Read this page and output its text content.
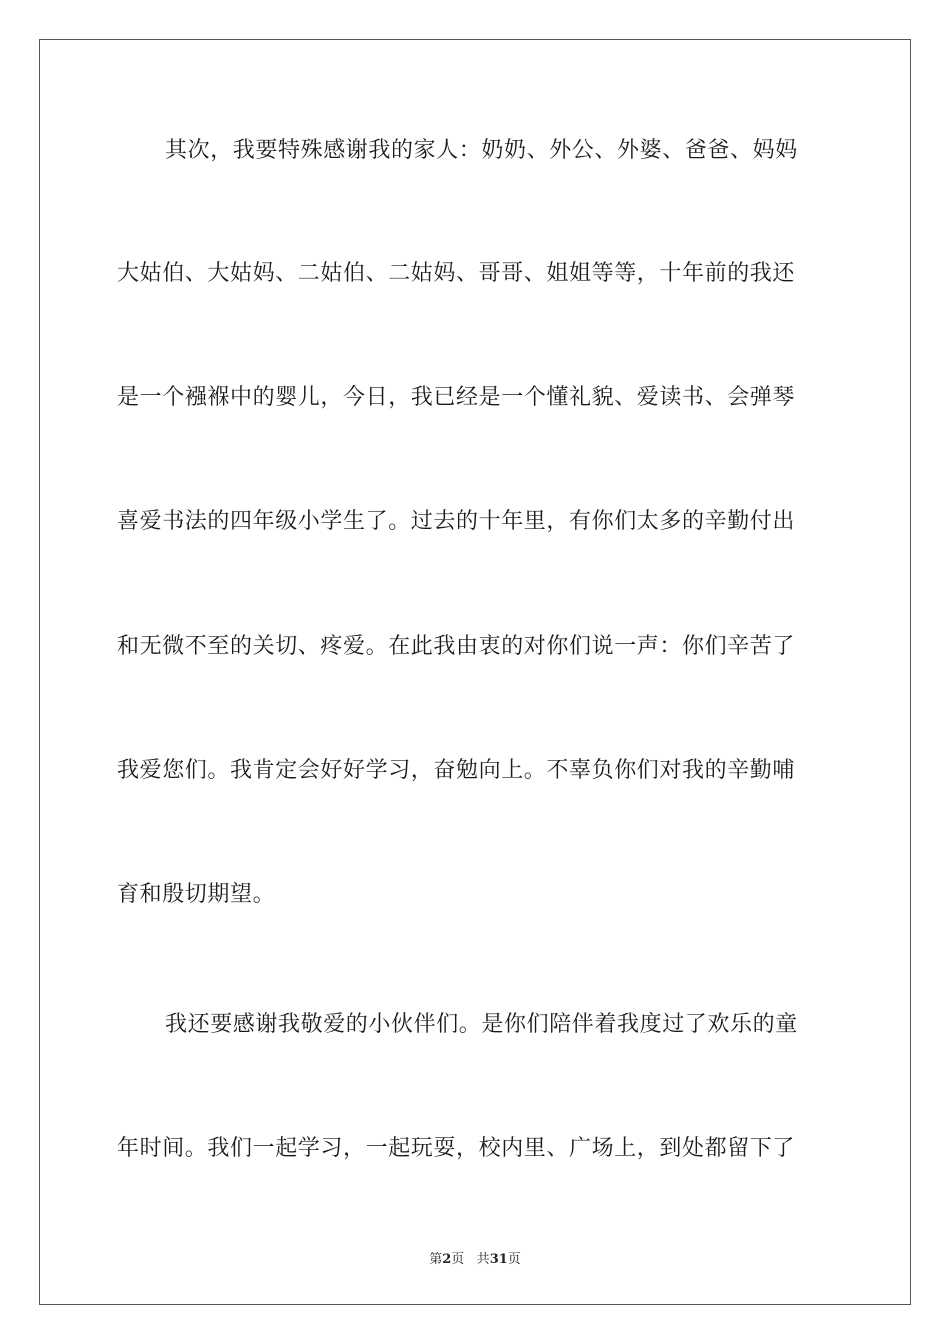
其次，我要特殊感谢我的家人：奶奶、外公、外婆、爸爸、妈妈
大姑伯、大姑妈、二姑伯、二姑妈、哥哥、姐姐等等，十年前的我还
是一个襁褓中的婴儿，今日，我已经是一个懂礼貌、爱读书、会弹琴
喜爱书法的四年级小学生了。过去的十年里，有你们太多的辛勤付出
和无微不至的关切、疼爱。在此我由衷的对你们说一声：你们辛苦了
我爱您们。我肯定会好好学习，奋勉向上。不辜负你们对我的辛勤哺
育和殷切期望。
我还要感谢我敬爱的小伙伴们。是你们陪伴着我度过了欢乐的童
年时间。我们一起学习，一起玩耍，校内里、广场上，到处都留下了
第2页 共31页
